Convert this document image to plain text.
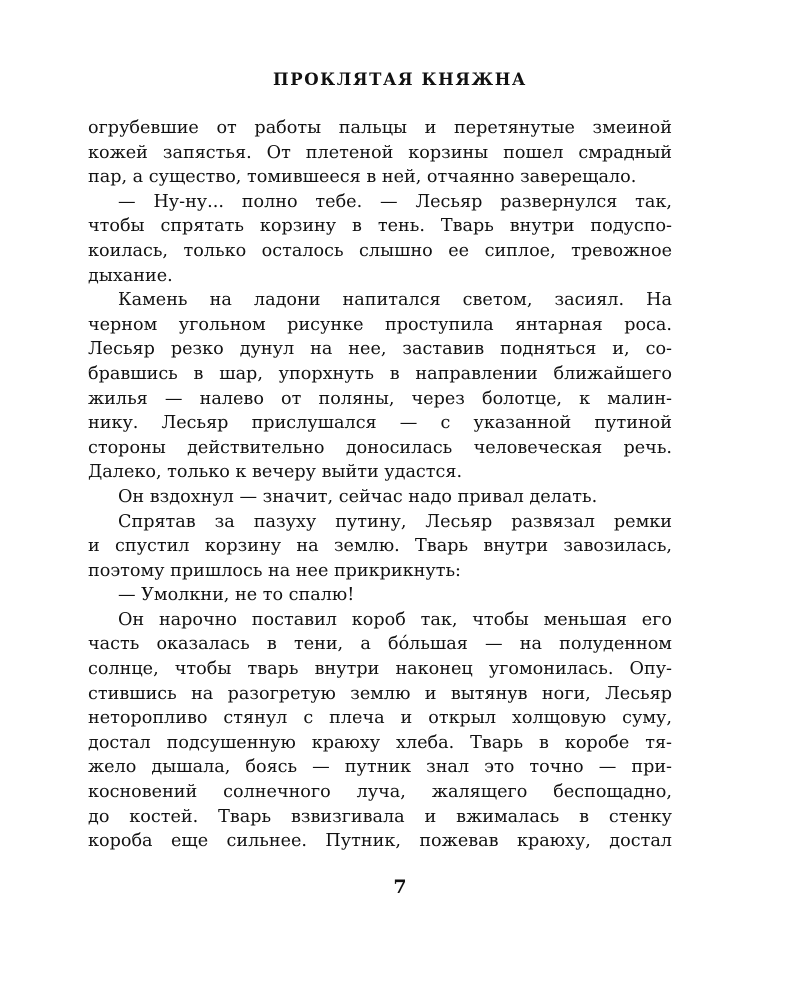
ПРОКЛЯТАЯ КНЯЖНА
огрубевшие от работы пальцы и перетянутые змеиной
кожей запястья. От плетеной корзины пошел смрадный
пар, а существо, томившееся в ней, отчаянно заверещало.
— Ну-ну... полно тебе. — Лесьяр развернулся так,
чтобы спрятать корзину в тень. Тварь внутри подуспо-
коилась, только осталось слышно ее сиплое, тревожное
дыхание.
Камень на ладони напитался светом, засиял. На
черном угольном рисунке проступила янтарная роса.
Лесьяр резко дунул на нее, заставив подняться и, со-
бравшись в шар, упорхнуть в направлении ближайшего
жилья — налево от поляны, через болотце, к малин-
нику. Лесьяр прислушался — с указанной путиной
стороны действительно доносилась человеческая речь.
Далеко, только к вечеру выйти удастся.
Он вздохнул — значит, сейчас надо привал делать.
Спрятав за пазуху путину, Лесьяр развязал ремки
и спустил корзину на землю. Тварь внутри завозилась,
поэтому пришлось на нее прикрикнуть:
— Умолкни, не то спалю!
Он нарочно поставил короб так, чтобы меньшая его
часть оказалась в тени, а бóльшая — на полуденном
солнце, чтобы тварь внутри наконец угомонилась. Опу-
стившись на разогретую землю и вытянув ноги, Лесьяр
неторопливо стянул с плеча и открыл холщовую суму,
достал подсушенную краюху хлеба. Тварь в коробе тя-
жело дышала, боясь — путник знал это точно — при-
косновений солнечного луча, жалящего беспощадно,
до костей. Тварь взвизгивала и вжималась в стенку
короба еще сильнее. Путник, пожевав краюху, достал
7
